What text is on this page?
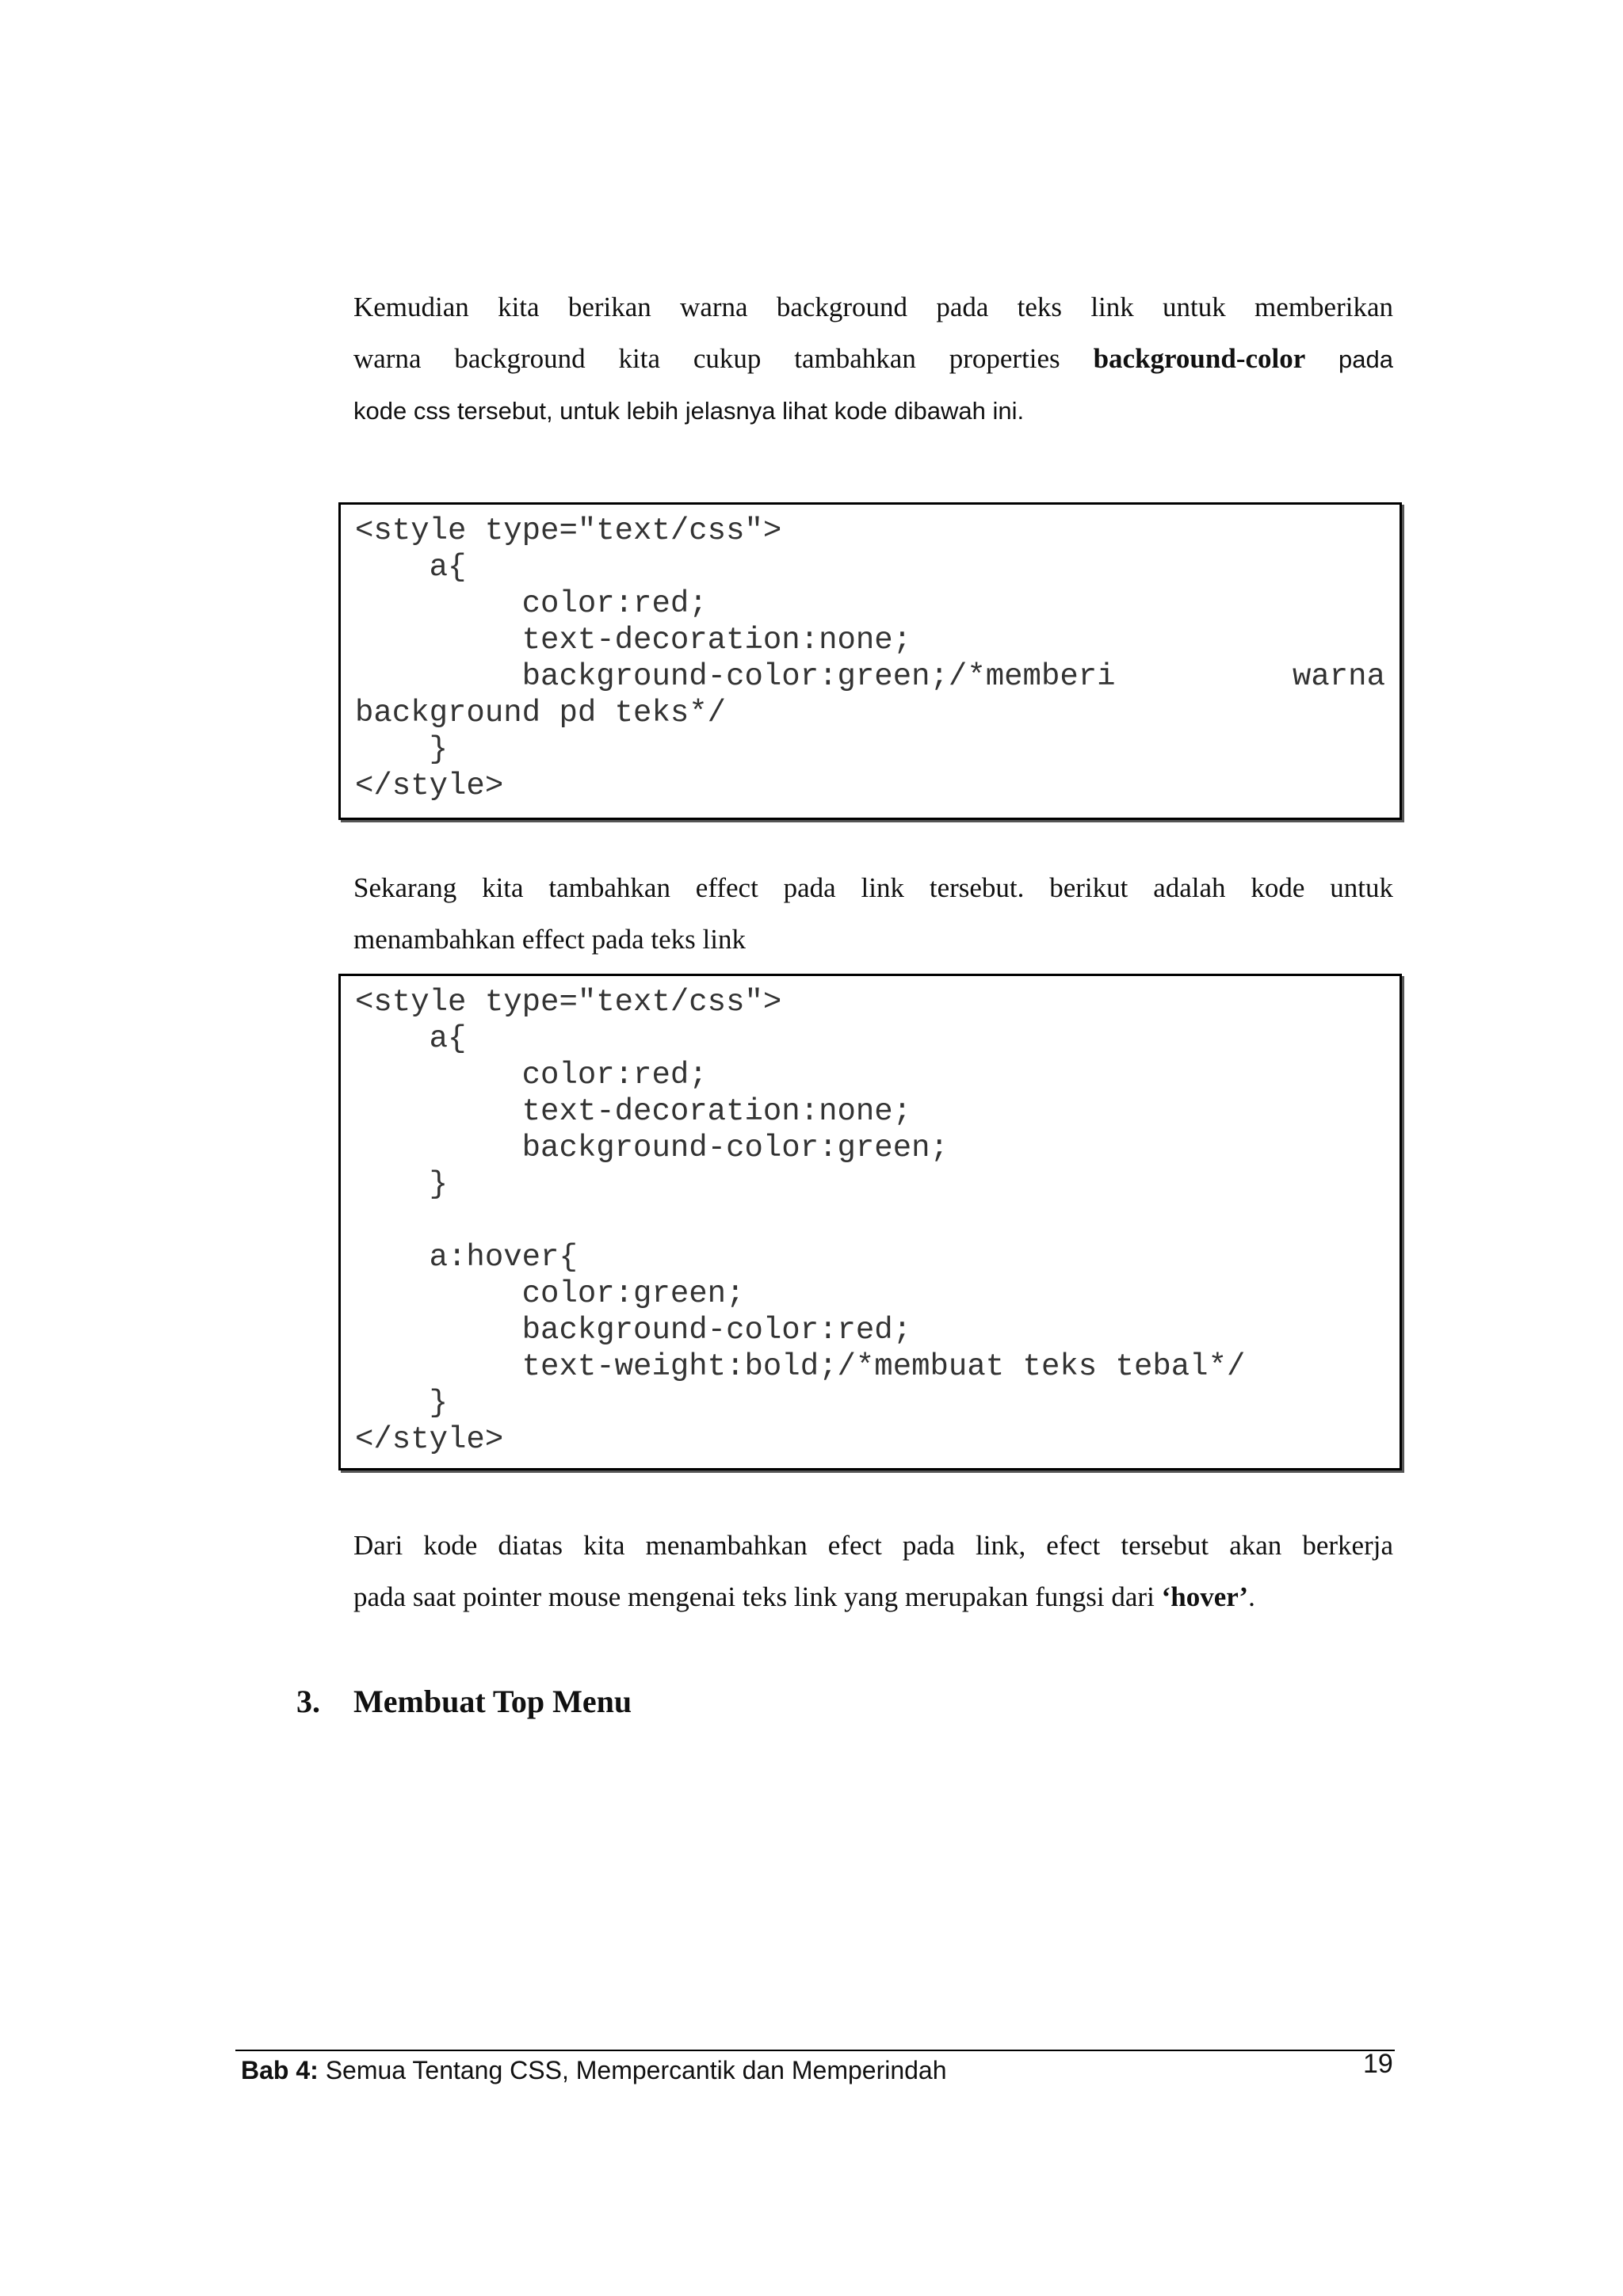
Kemudian kita berikan warna background pada teks link untuk memberikan
warna background kita cukup tambahkan properties background-color pada
kode css tersebut, untuk lebih jelasnya lihat kode dibawah ini.
<style type="text/css">
a{
color:red;
text-decoration:none;
background-color:green;/*memberi	warna
background pd teks*/
}
</style>
Sekarang kita tambahkan effect pada link tersebut. berikut adalah kode untuk
menambahkan effect pada teks link
<style type="text/css">
a{
color:red;
text-decoration:none;
background-color:green;
}
a:hover{
color:green;
background-color:red;
text-weight:bold;/*membuat teks tebal*/
}
</style>
Dari kode diatas kita menambahkan efect pada link, efect tersebut akan berkerja
pada saat pointer mouse mengenai teks link yang merupakan fungsi dari ‘hover’.
3. Membuat Top Menu
Bab 4: Semua Tentang CSS, Mempercantik dan Memperindah	19
